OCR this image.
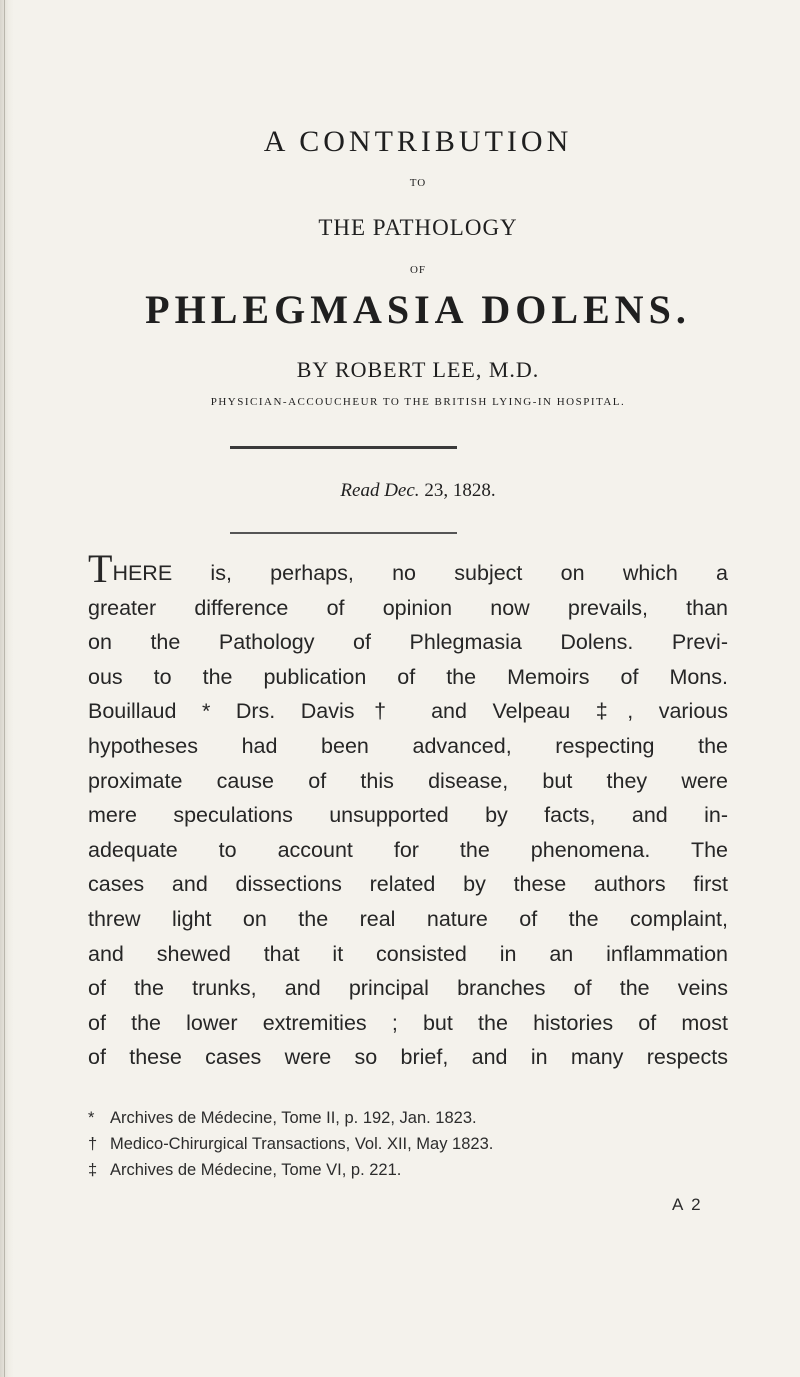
A CONTRIBUTION
TO
THE PATHOLOGY
OF
PHLEGMASIA DOLENS.
BY ROBERT LEE, M.D.
PHYSICIAN-ACCOUCHEUR TO THE BRITISH LYING-IN HOSPITAL.
Read Dec. 23, 1828.
THERE is, perhaps, no subject on which a
greater difference of opinion now prevails, than
on the Pathology of Phlegmasia Dolens. Previ-
ous to the publication of the Memoirs of Mons.
Bouillaud * Drs. Davis† and Velpeau ‡, various
hypotheses had been advanced, respecting the
proximate cause of this disease, but they were
mere speculations unsupported by facts, and in-
adequate to account for the phenomena. The
cases and dissections related by these authors first
threw light on the real nature of the complaint,
and shewed that it consisted in an inflammation
of the trunks, and principal branches of the veins
of the lower extremities ; but the histories of most
of these cases were so brief, and in many respects
* Archives de Médecine, Tome II, p. 192, Jan. 1823.
† Medico-Chirurgical Transactions, Vol. XII, May 1823.
‡ Archives de Médecine, Tome VI, p. 221.
A 2
